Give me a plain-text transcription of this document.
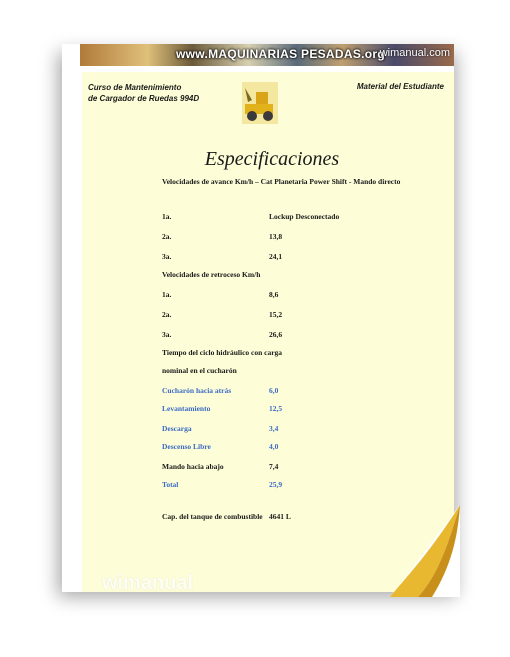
www.MAQUINARIAS PESADAS.org
wimanual.com
Curso de Mantenimiento
de Cargador de Ruedas 994D
Material del Estudiante
Especificaciones
Velocidades de avance Km/h – Cat Planetaria Power Shift - Mando directo
1a.	Lockup Desconectado
2a.	13,8
3a.	24,1
Velocidades de retroceso Km/h
1a.	8,6
2a.	15,2
3a.	26,6
Tiempo del ciclo hidráulico con carga
nominal en el cucharón
Cucharón hacia atrás	6,0
Levantamiento	12,5
Descarga	3,4
Descenso Libre	4,0
Mando hacia abajo	7,4
Total	25,9
Cap. del tanque de combustible 4641 L
wimanual
